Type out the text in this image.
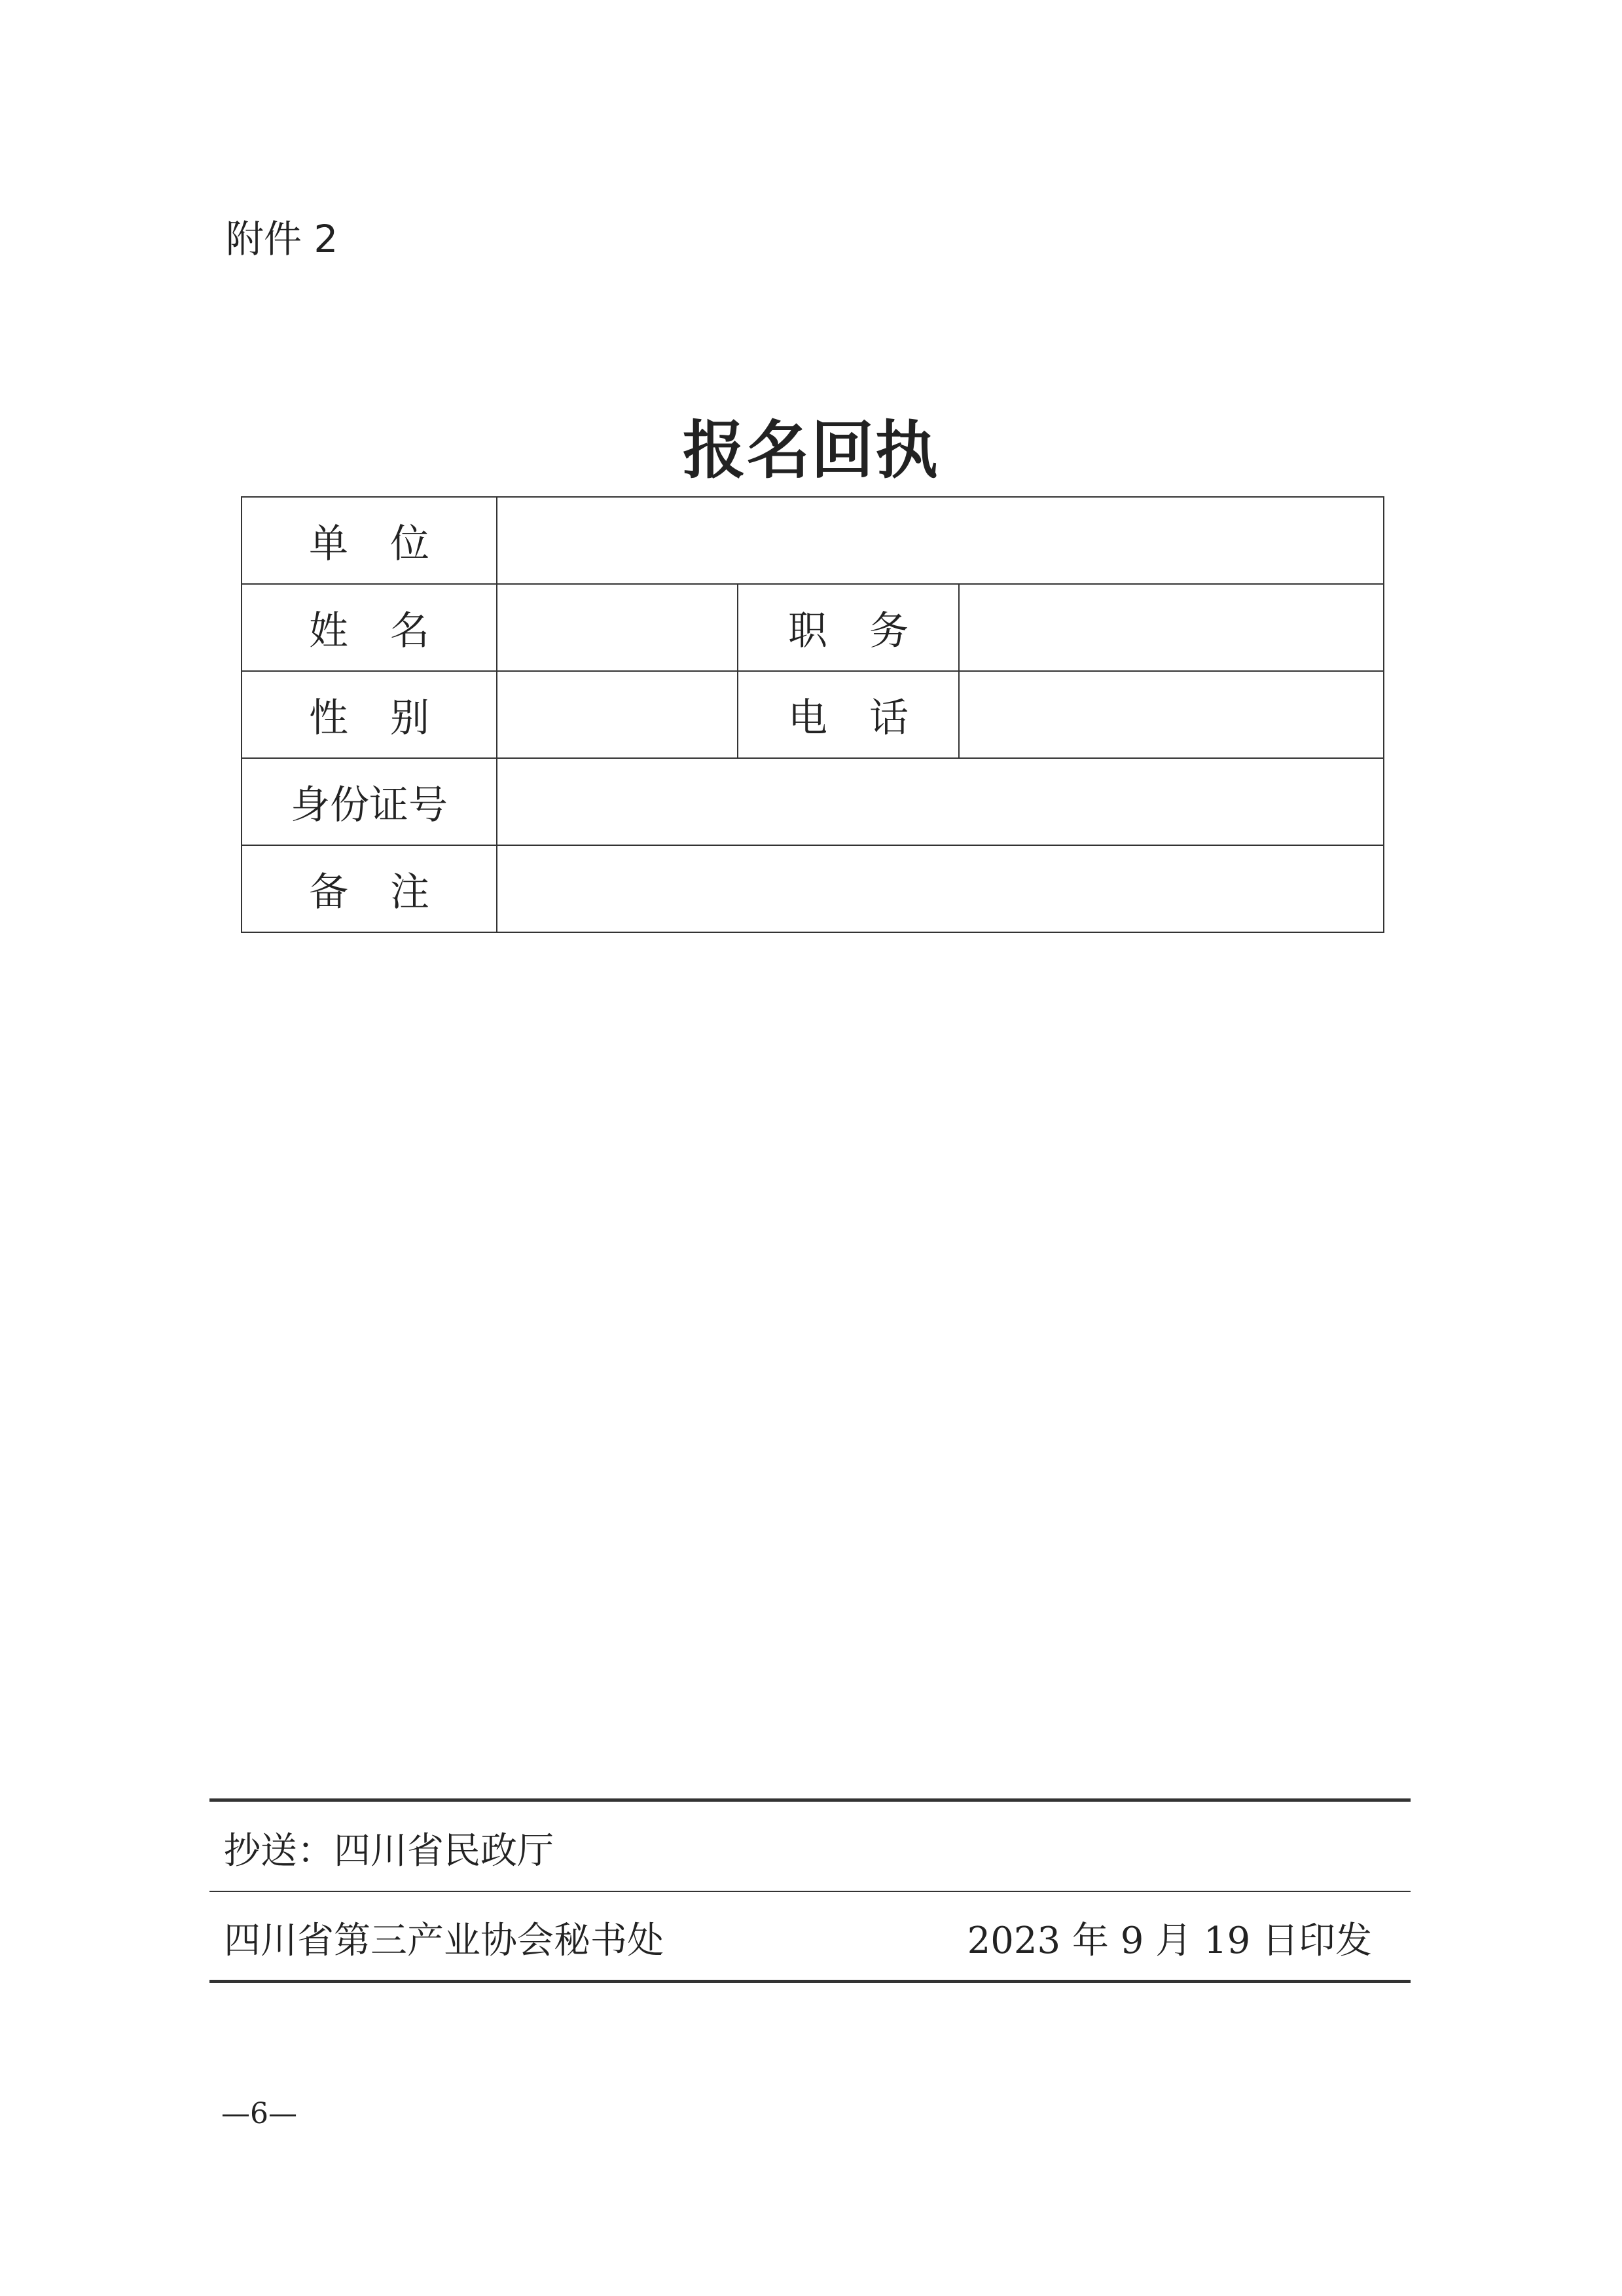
附件 2
报名回执
单 位			
姓 名		职 务	
性 别		电 话	
身份证号			
备 注			
抄送：四川省民政厅
四川省第三产业协会秘书处	2023 年 9 月 19 日印发
—6—
